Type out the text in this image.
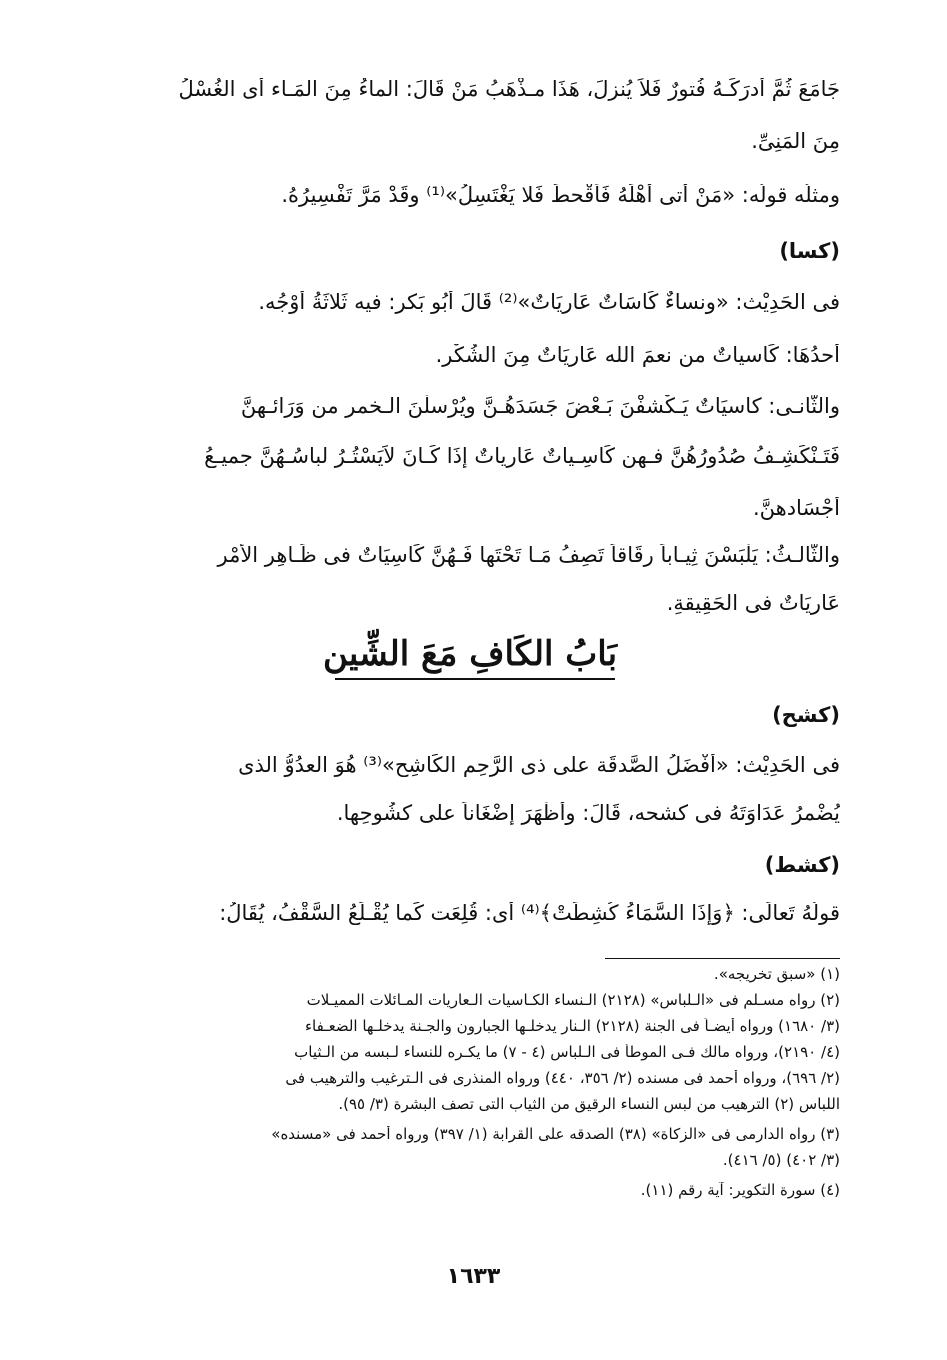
جَامَعَ ثُمَّ أَدرَكَـهُ فُتورٌ فَلاَ يُنزِلَ، هَذَا مـذْهَبُ مَنْ قَالَ: الماءُ مِنَ المَـاء أى الغُسْلُ
مِنَ المَنِىِّ.
ومثلُه قولُه: «مَنْ أَتى أَهْلَهُ فَأَقْحطَ فَلا يَغْتَسِلُ»⁽¹⁾ وقَدْ مَرَّ تَفْسِيرُهُ.
(كسا)
فى الحَدِيْث: «ونساءٌ كَاسَاتٌ عَارِيَاتٌ»⁽²⁾ قَالَ أَبُو بَكرٍ: فيه ثَلاثَةُ أَوْجُه.
أحدُهَا: كَاسياتٌ من نعمَ الله عَاريَاتٌ مِنَ الشُكْرِ.
والثَّانـى: كاسيَاتٌ يَـكْشفْنَ بَـعْضَ جَسَدَهُـنَّ ويُرْسلْنَ الـخمر من وَرَائـهِنَّ
فَتَـنْكَشِـفُ صُدُورُهُنَّ فـهن كَاسِـياتٌ عَارياتٌ إذَا كَـانَ لاَيَسْتُـرُ لباسُـهُنَّ جميـعُ
أجْسَادهنَّ.
والثَّالـثُ: يَلْبَسْنَ ثِيـاباً رِقَاقاً تَصِفُ مَـا تَحْتَها فَـهُنَّ كَاسِيَاتٌ فى ظَـاهِرِ الأَمْرِ
عَارِيَاتٌ فى الحَقِيقةِ.
بَابُ الكَافِ مَعَ الشِّين
(كشح)
فى الحَدِيْث: «أَفْضَلُ الصَّدقَة على ذى الرَّحِمِ الكَاشِحِ»⁽³⁾ هُوَ العدُوُّ الذى
يُضْمرُ عَدَاوَتَهُ فى كشحه، قَالَ: وأَظْهَرَ إضْغَاناً على كشُوحِها.
(كشط)
قولُهُ تَعالَى: ﴿وَإِذَا السَّمَاءُ كُشِطَتْ﴾⁽⁴⁾ أى: قُلِعَت كَما يُقْـلَعُ السَّقْفُ، يُقَالُ:
(١) «سبق تخريجه».
(٢) رواه مسـلم فى «الـلباس» (٢١٢٨) الـنساء الكـاسيات الـعاريات المـائلات المميـلات
(٣/ ١٦٨٠) ورواه أيضـاً فى الجنة (٢١٢٨) الـنار يدخلـها الجبارون والجـنة يدخلـها الضعـفاء
(٤/ ٢١٩٠)، ورواه مالك فـى الموطأ فى الـلباس (٤ - ٧) ما يكـره للنساء لـبسه من الـثياب
(٢/ ٦٩٦)، ورواه أحمد فى مسنده (٢/ ٣٥٦، ٤٤٠) ورواه المنذرى فى الـترغيب والترهيب فى
اللباس (٢) الترهيب من لبس النساء الرقيق من الثياب التى تصف البشرة (٣/ ٩٥).
(٣) رواه الدارمى فى «الزكاة» (٣٨) الصدقه على القرابة (١/ ٣٩٧) ورواه أحمد فى «مسنده»
(٣/ ٤٠٢) (٥/ ٤١٦).
(٤) سورة التكوير: آية رقم (١١).
١٦٣٣
